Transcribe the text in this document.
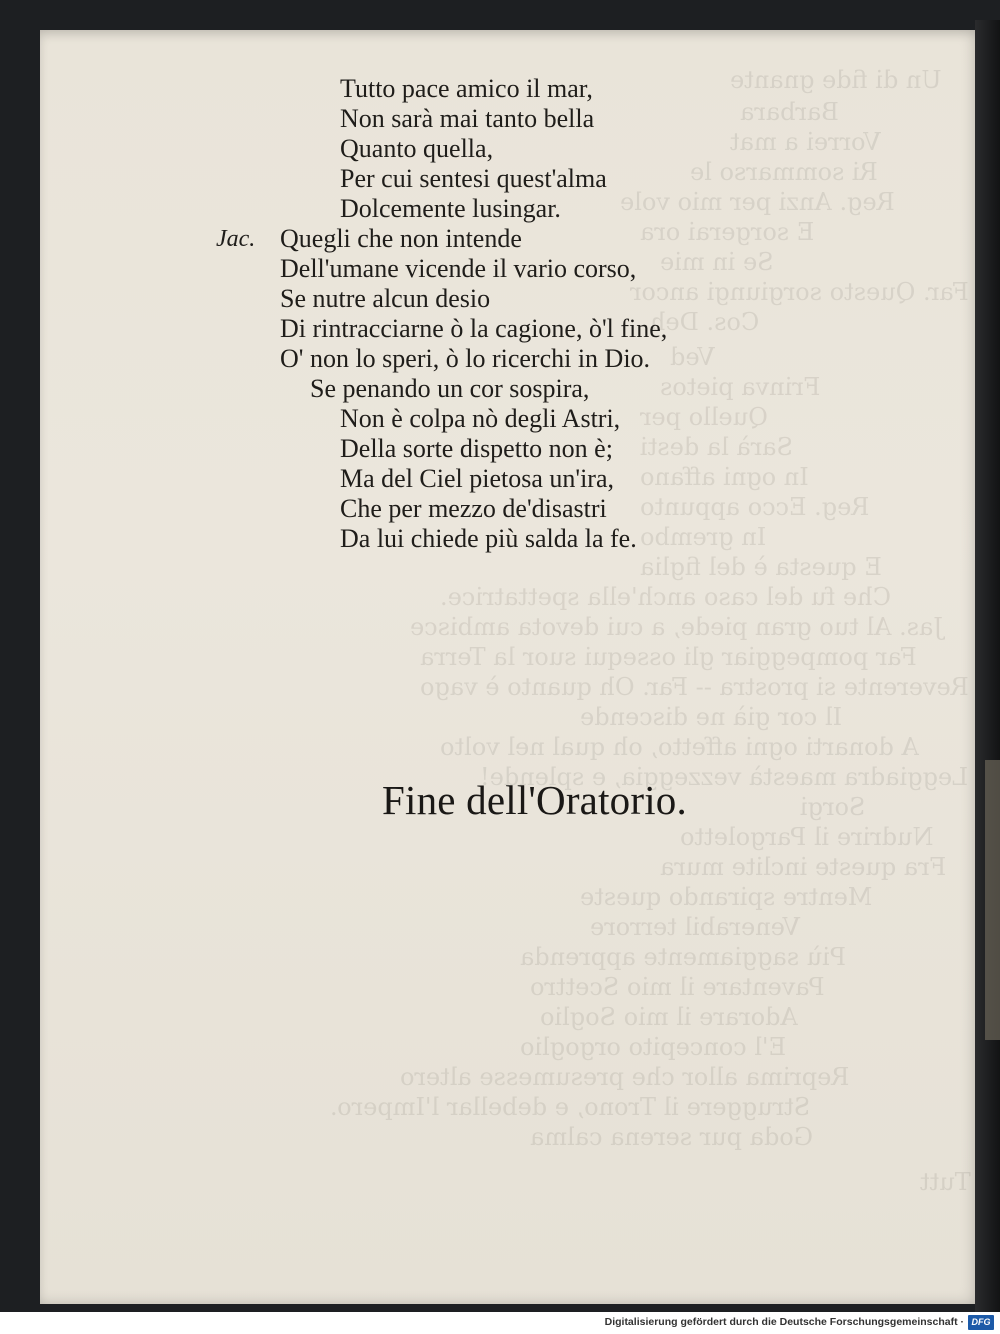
Un di fide gnante
Barbara
Vorrei a mat
Ri sommarso le
Reg. Anzi per mio vole
E sorgerai ora
Se in mie
Far. Questo sorgiungi ancor
Cos. Deh
Ved
Frinva pietos
Quello per
Sarà la desti
In ogni affano
Reg. Ecco appunto
In grembo
E questa è del figlia
Che fu del caso anch'ella spettatrice.
Jas. Al tuo gran piede, a cui devota ambisce
Far pompeggiar gli ossequi suor la Terra
Reverente si prostra -- Far. Oh quanto è vago
Il cor già ne discende
A donarti ogni affetto, oh qual nel volto
Leggiadra maestà vezzeggia, e splende!
Sorgi
Nudrire il Pargoletto
Fra queste inclite mura
Mentre spirando queste
Venerabil terrore
Più saggiamente apprenda
Paventare il mio Scettro
Adorare il mio Soglio
E'l concepito orgoglio
Reprima allor che presumesse altero
Struggere il Trono, e debellar l'Impero.
Goda pur serena calma
Tutt
Tutto pace amico il mar,
Non sarà mai tanto bella
Quanto quella,
Per cui sentesi quest'alma
Dolcemente lusingar.
Jac. Quegli che non intende
Dell'umane vicende il vario corso,
Se nutre alcun desio
Di rintracciarne ò la cagione, ò'l fine,
O' non lo speri, ò lo ricerchi in Dio.
Se penando un cor sospira,
Non è colpa nò degli Astri,
Della sorte dispetto non è;
Ma del Ciel pietosa un'ira,
Che per mezzo de'disastri
Da lui chiede più salda la fe.
Fine dell'Oratorio.
Digitalisierung gefördert durch die Deutsche Forschungsgemeinschaft · DFG
